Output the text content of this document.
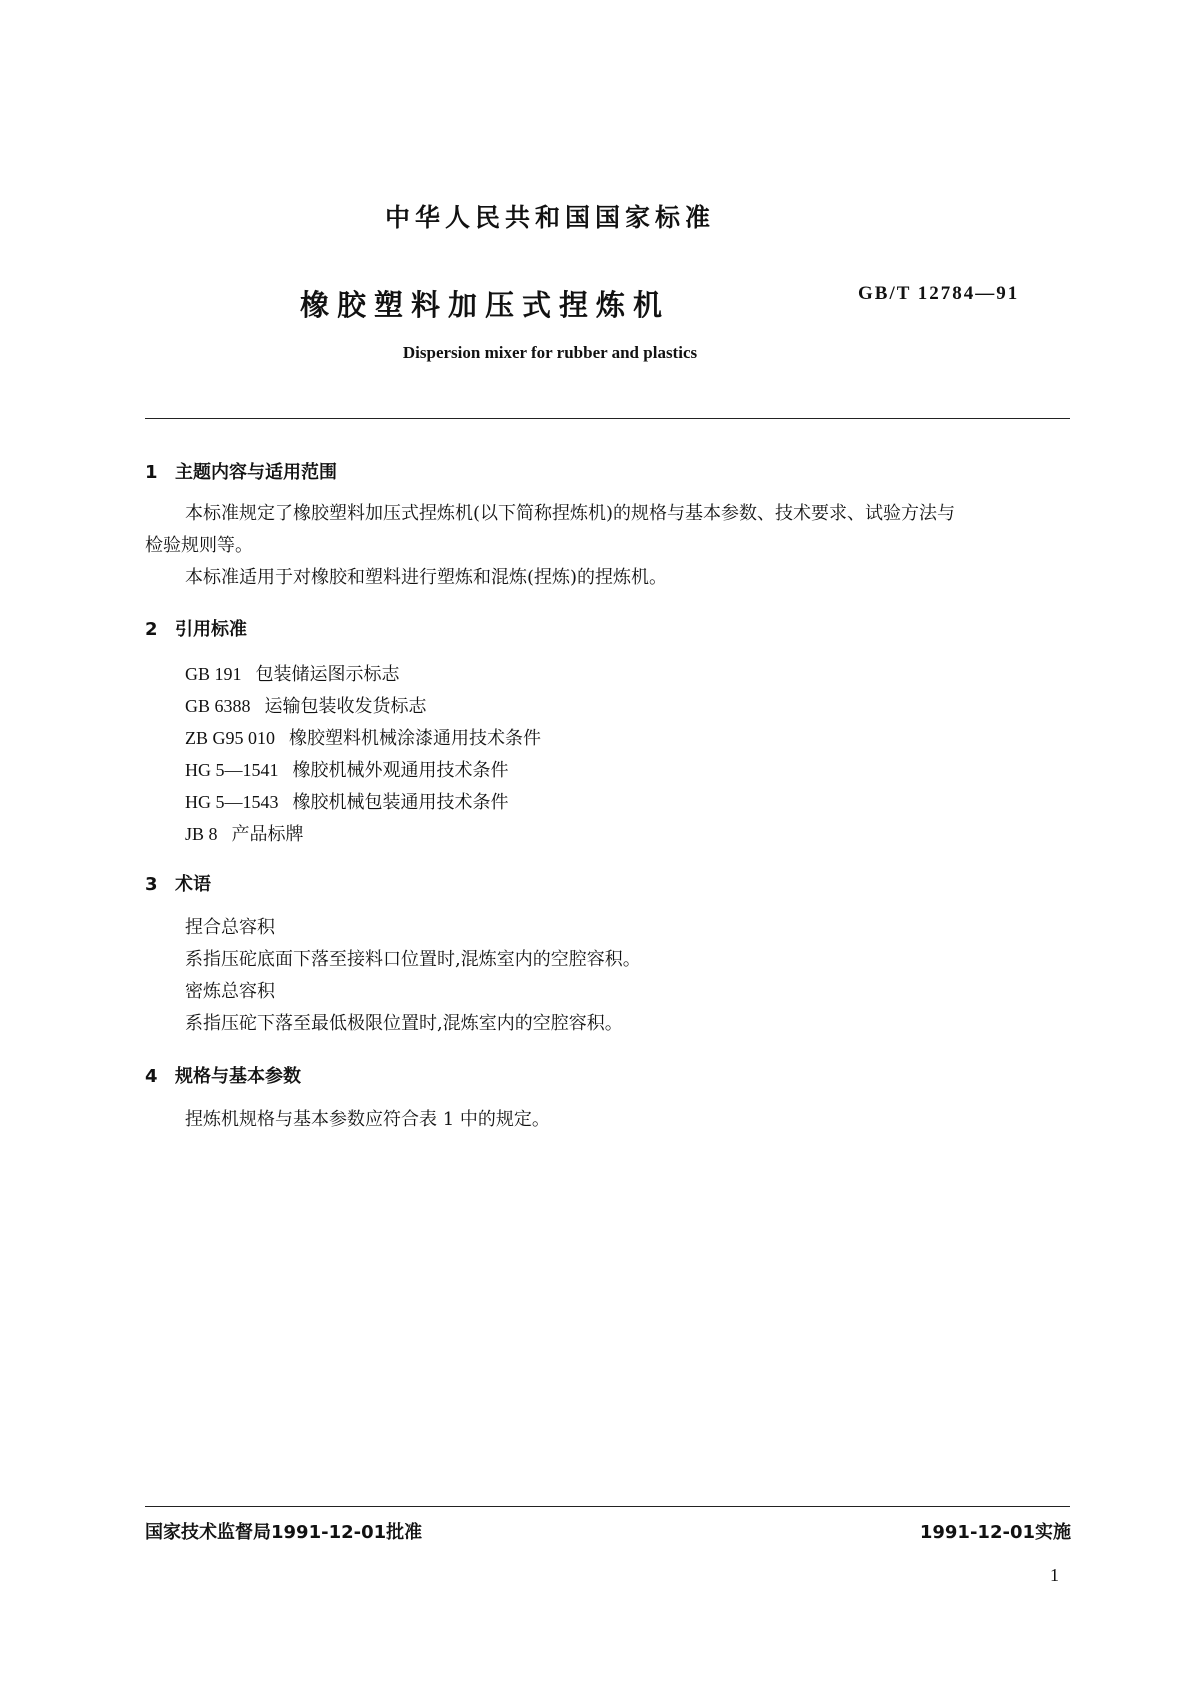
中华人民共和国国家标准
橡胶塑料加压式捏炼机	GB/T 12784—91
Dispersion mixer for rubber and plastics
1 主题内容与适用范围
本标准规定了橡胶塑料加压式捏炼机(以下简称捏炼机)的规格与基本参数、技术要求、试验方法与
检验规则等。
本标准适用于对橡胶和塑料进行塑炼和混炼(捏炼)的捏炼机。
2 引用标准
GB 191 包装储运图示标志
GB 6388 运输包装收发货标志
ZB G95 010 橡胶塑料机械涂漆通用技术条件
HG 5—1541 橡胶机械外观通用技术条件
HG 5—1543 橡胶机械包装通用技术条件
JB 8 产品标牌
3 术语
捏合总容积
系指压砣底面下落至接料口位置时,混炼室内的空腔容积。
密炼总容积
系指压砣下落至最低极限位置时,混炼室内的空腔容积。
4 规格与基本参数
捏炼机规格与基本参数应符合表 1 中的规定。
国家技术监督局1991-12-01批准	1991-12-01实施
1
